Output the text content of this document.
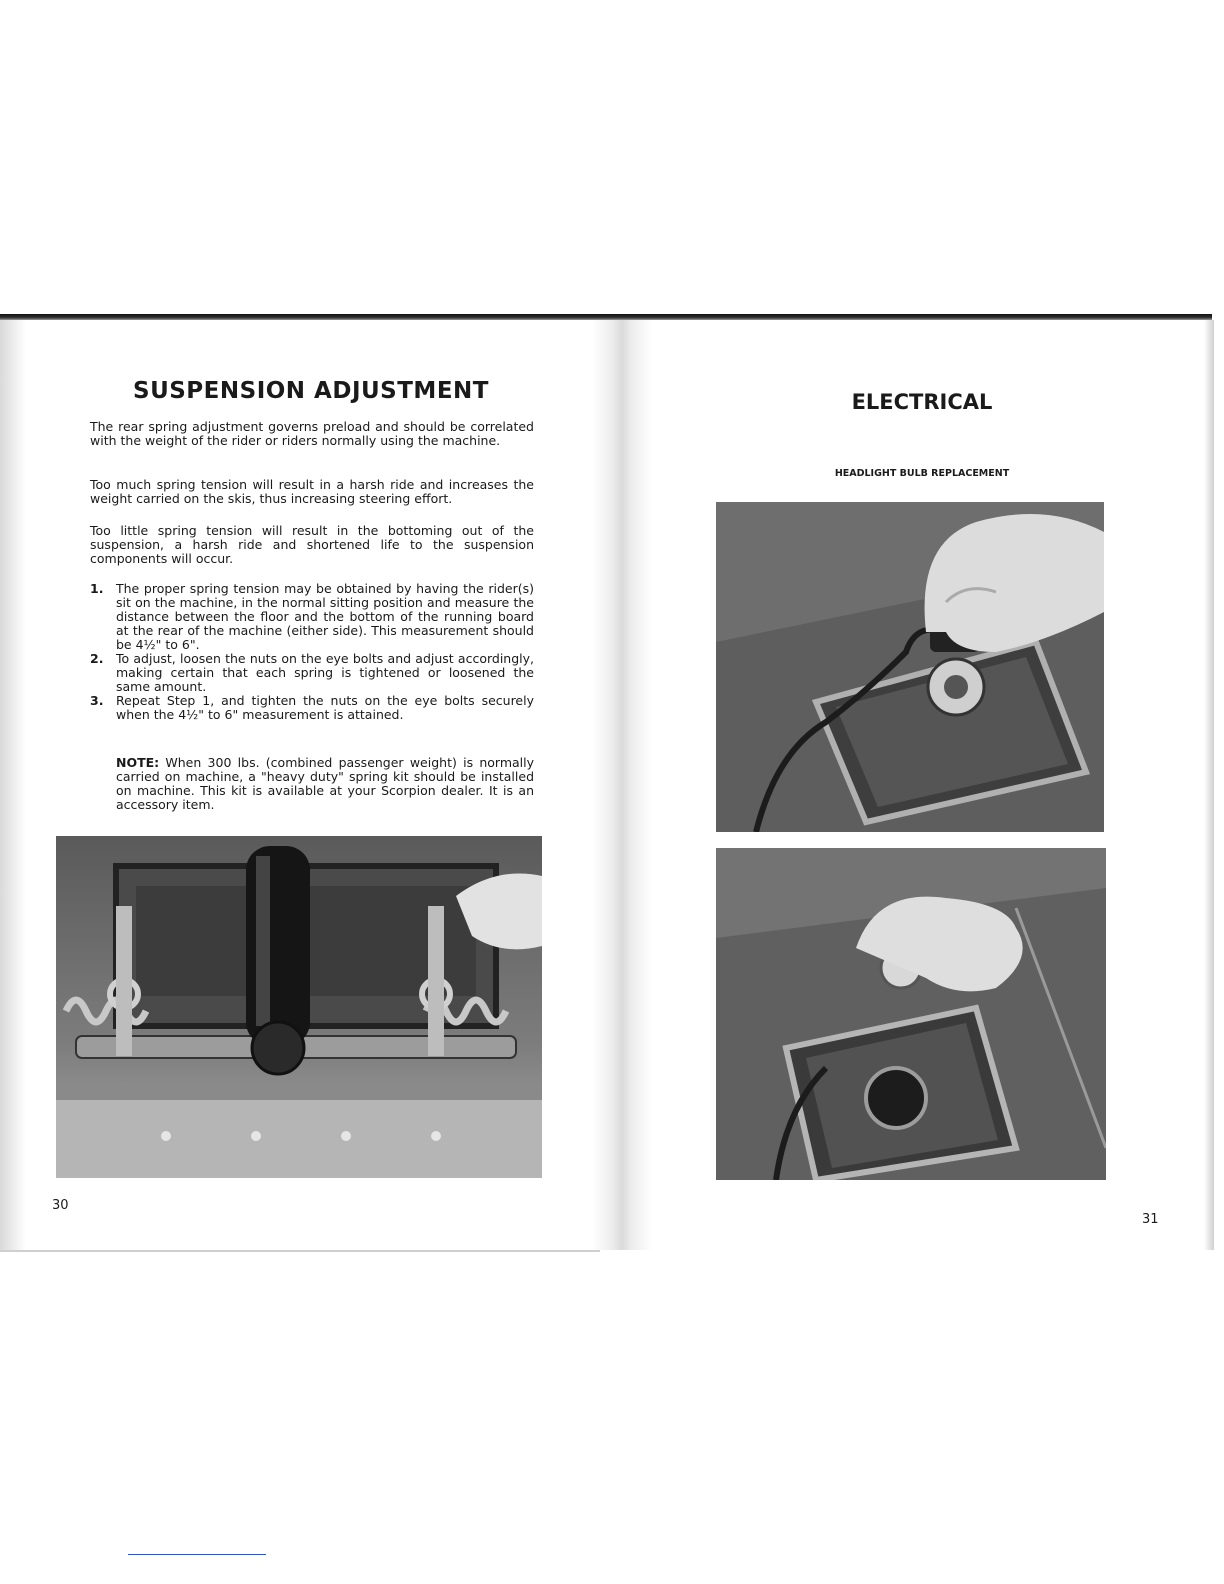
SUSPENSION ADJUSTMENT

The rear spring adjustment governs preload and should be correlated with the weight of the rider or riders normally using the machine.

Too much spring tension will result in a harsh ride and increases the weight carried on the skis, thus increasing steering effort.

Too little spring tension will result in the bottoming out of the suspension, a harsh ride and shortened life to the suspension components will occur.

1. The proper spring tension may be obtained by having the rider(s) sit on the machine, in the normal sitting position and measure the distance between the floor and the bottom of the running board at the rear of the machine (either side). This measurement should be 4½" to 6".
2. To adjust, loosen the nuts on the eye bolts and adjust accordingly, making certain that each spring is tightened or loosened the same amount.
3. Repeat Step 1, and tighten the nuts on the eye bolts securely when the 4½" to 6" measurement is attained.

NOTE: When 300 lbs. (combined passenger weight) is normally carried on machine, a "heavy duty" spring kit should be installed on machine. This kit is available at your Scorpion dealer. It is an accessory item.

30

ELECTRICAL

HEADLIGHT BULB REPLACEMENT

31
